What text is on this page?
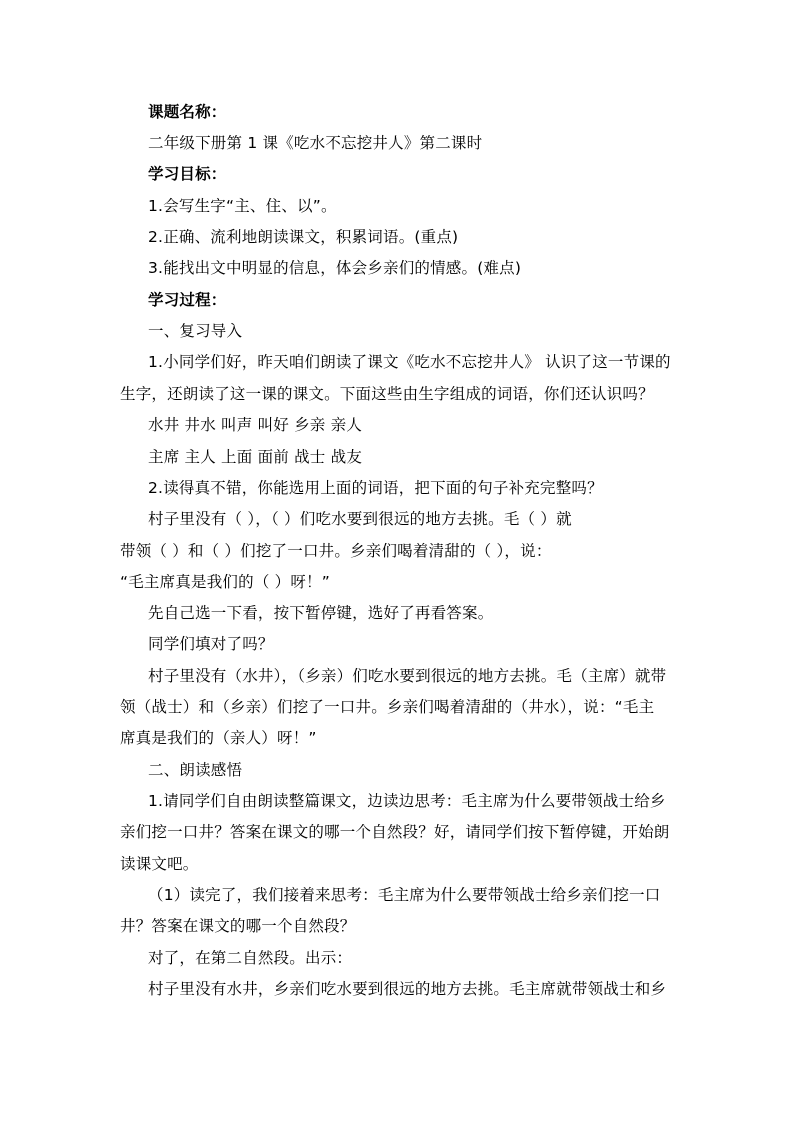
课题名称：
二年级下册第 1 课《吃水不忘挖井人》第二课时
学习目标：
1.会写生字“主、住、以”。
2.正确、流利地朗读课文，积累词语。(重点)
3.能找出文中明显的信息，体会乡亲们的情感。(难点)
学习过程：
一、复习导入
1.小同学们好，昨天咱们朗读了课文《吃水不忘挖井人》 认识了这一节课的
生字，还朗读了这一课的课文。下面这些由生字组成的词语，你们还认识吗？
水井 井水 叫声 叫好 乡亲 亲人
主席 主人 上面 面前 战士 战友
2.读得真不错，你能选用上面的词语，把下面的句子补充完整吗？
村子里没有（ ），（ ）们吃水要到很远的地方去挑。毛（ ）就
带领（ ）和（ ）们挖了一口井。乡亲们喝着清甜的（ ），说：
“毛主席真是我们的（ ）呀！”
先自己选一下看，按下暂停键，选好了再看答案。
同学们填对了吗？
村子里没有（水井），（乡亲）们吃水要到很远的地方去挑。毛（主席）就带
领（战士）和（乡亲）们挖了一口井。乡亲们喝着清甜的（井水），说：“毛主
席真是我们的（亲人）呀！”
二、朗读感悟
1.请同学们自由朗读整篇课文，边读边思考：毛主席为什么要带领战士给乡
亲们挖一口井？答案在课文的哪一个自然段？好，请同学们按下暂停键，开始朗
读课文吧。
（1）读完了，我们接着来思考：毛主席为什么要带领战士给乡亲们挖一口
井？答案在课文的哪一个自然段？
对了，在第二自然段。出示：
村子里没有水井，乡亲们吃水要到很远的地方去挑。毛主席就带领战士和乡
